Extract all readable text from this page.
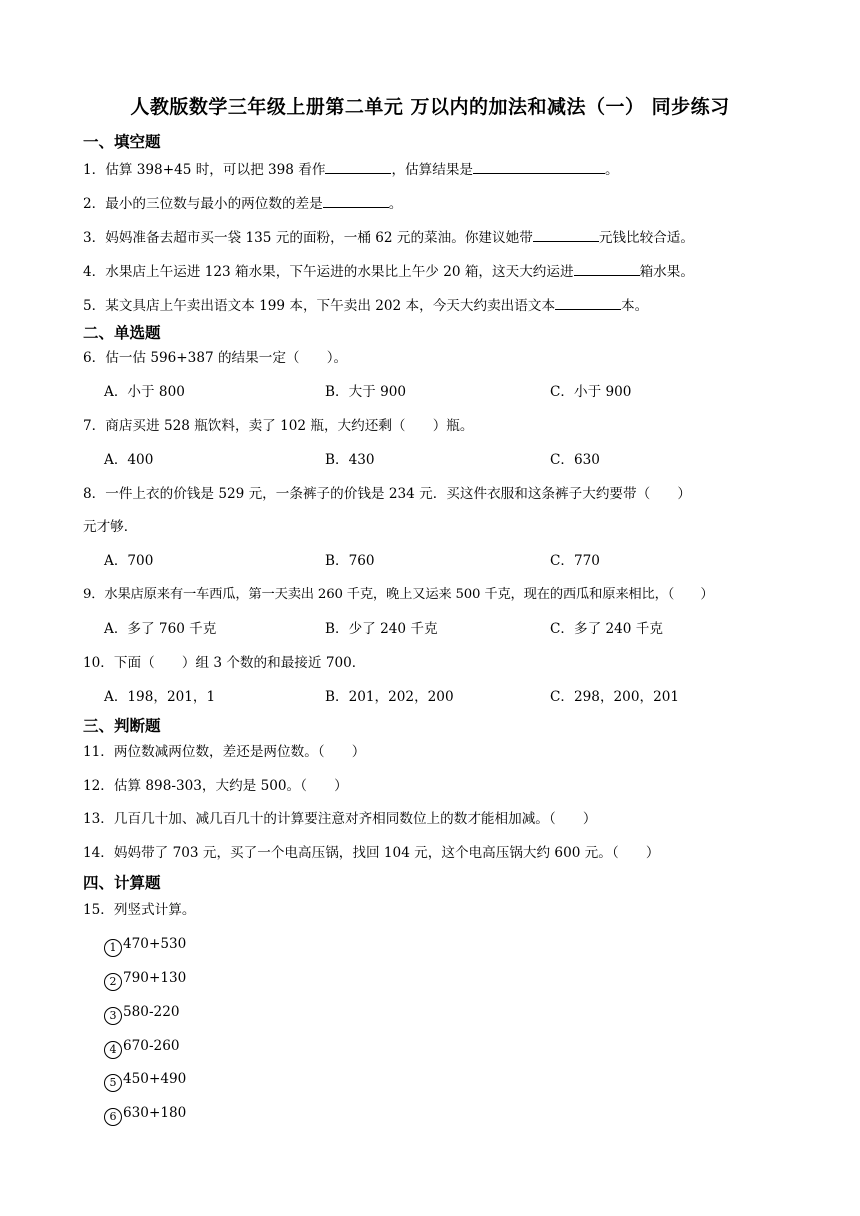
人教版数学三年级上册第二单元 万以内的加法和减法（一） 同步练习
一、填空题
1．估算 398+45 时，可以把 398 看作	，估算结果是	。
2．最小的三位数与最小的两位数的差是	。
3．妈妈准备去超市买一袋 135 元的面粉，一桶 62 元的菜油。你建议她带	元钱比较合适。
4．水果店上午运进 123 箱水果，下午运进的水果比上午少 20 箱，这天大约运进	箱水果。
5．某文具店上午卖出语文本 199 本，下午卖出 202 本，今天大约卖出语文本	本。
二、单选题
6．估一估 596+387 的结果一定（　　）。
A．小于 800	B．大于 900	C．小于 900
7．商店买进 528 瓶饮料，卖了 102 瓶，大约还剩（　　）瓶。
A．400	B．430	C．630
8．一件上衣的价钱是 529 元，一条裤子的价钱是 234 元．买这件衣服和这条裤子大约要带（　　）
元才够．
A．700	B．760	C．770
9．水果店原来有一车西瓜，第一天卖出 260 千克，晚上又运来 500 千克，现在的西瓜和原来相比，（　　）
A．多了 760 千克	B．少了 240 千克	C．多了 240 千克
10．下面（　　）组 3 个数的和最接近 700．
A．198，201，1	B．201，202，200	C．298，200，201
三、判断题
11．两位数减两位数，差还是两位数。（　　）
12．估算 898-303，大约是 500。（　　）
13．几百几十加、减几百几十的计算要注意对齐相同数位上的数才能相加减。（　　）
14．妈妈带了 703 元，买了一个电高压锅，找回 104 元，这个电高压锅大约 600 元。（　　）
四、计算题
15．列竖式计算。
1 470+530
2 790+130
3 580-220
4 670-260
5 450+490
6 630+180
